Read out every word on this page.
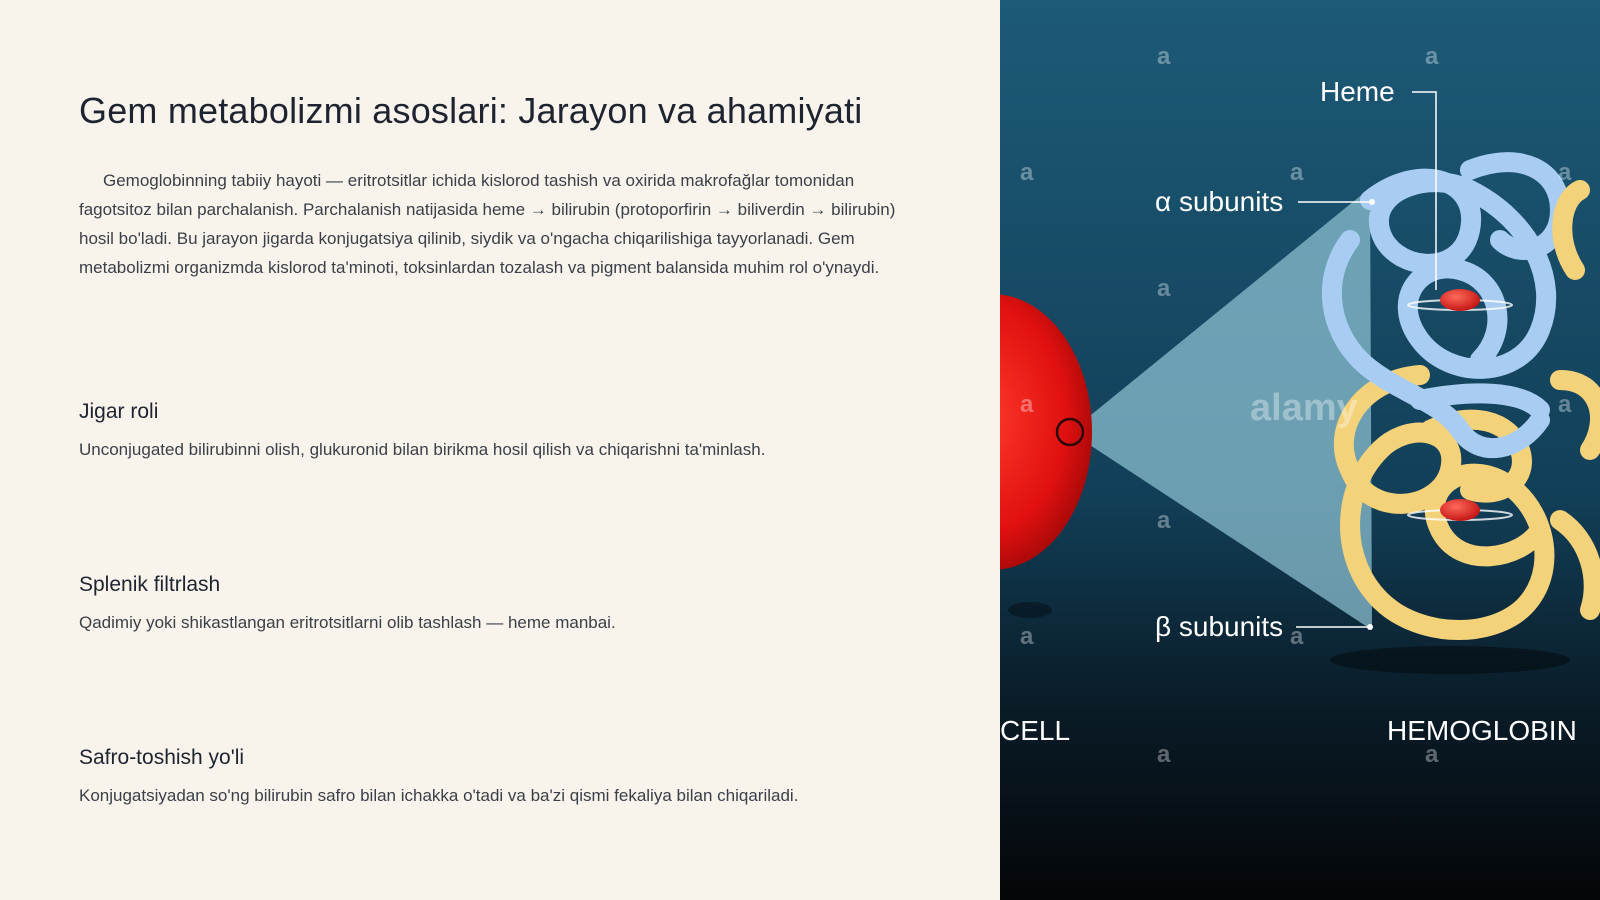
Gem metabolizmi asoslari: Jarayon va ahamiyati

Gemoglobinning tabiiy hayoti — eritrotsitlar ichida kislorod tashish va oxirida makrofağlar tomonidan fagotsitoz bilan parchalanish. Parchalanish natijasida heme → bilirubin (protoporfirin → biliverdin → bilirubin) hosil bo'ladi. Bu jarayon jigarda konjugatsiya qilinib, siydik va o'ngacha chiqarilishiga tayyorlanadi. Gem metabolizmi organizmda kislorod ta'minoti, toksinlardan tozalash va pigment balansida muhim rol o'ynaydi.

Jigar roli

Unconjugated bilirubinni olish, glukuronid bilan birikma hosil qilish va chiqarishni ta'minlash.

Splenik filtrlash

Qadimiy yoki shikastlangan eritrotsitlarni olib tashlash — heme manbai.

Safro-toshish yo'li

Konjugatsiyadan so'ng bilirubin safro bilan ichakka o'tadi va ba'zi qismi fekaliya bilan chiqariladi.

a	a
a	a	a
a
a	a
a
a	a
a	a
alamy
Heme
α subunits
β subunits
CELL	HEMOGLOBIN
